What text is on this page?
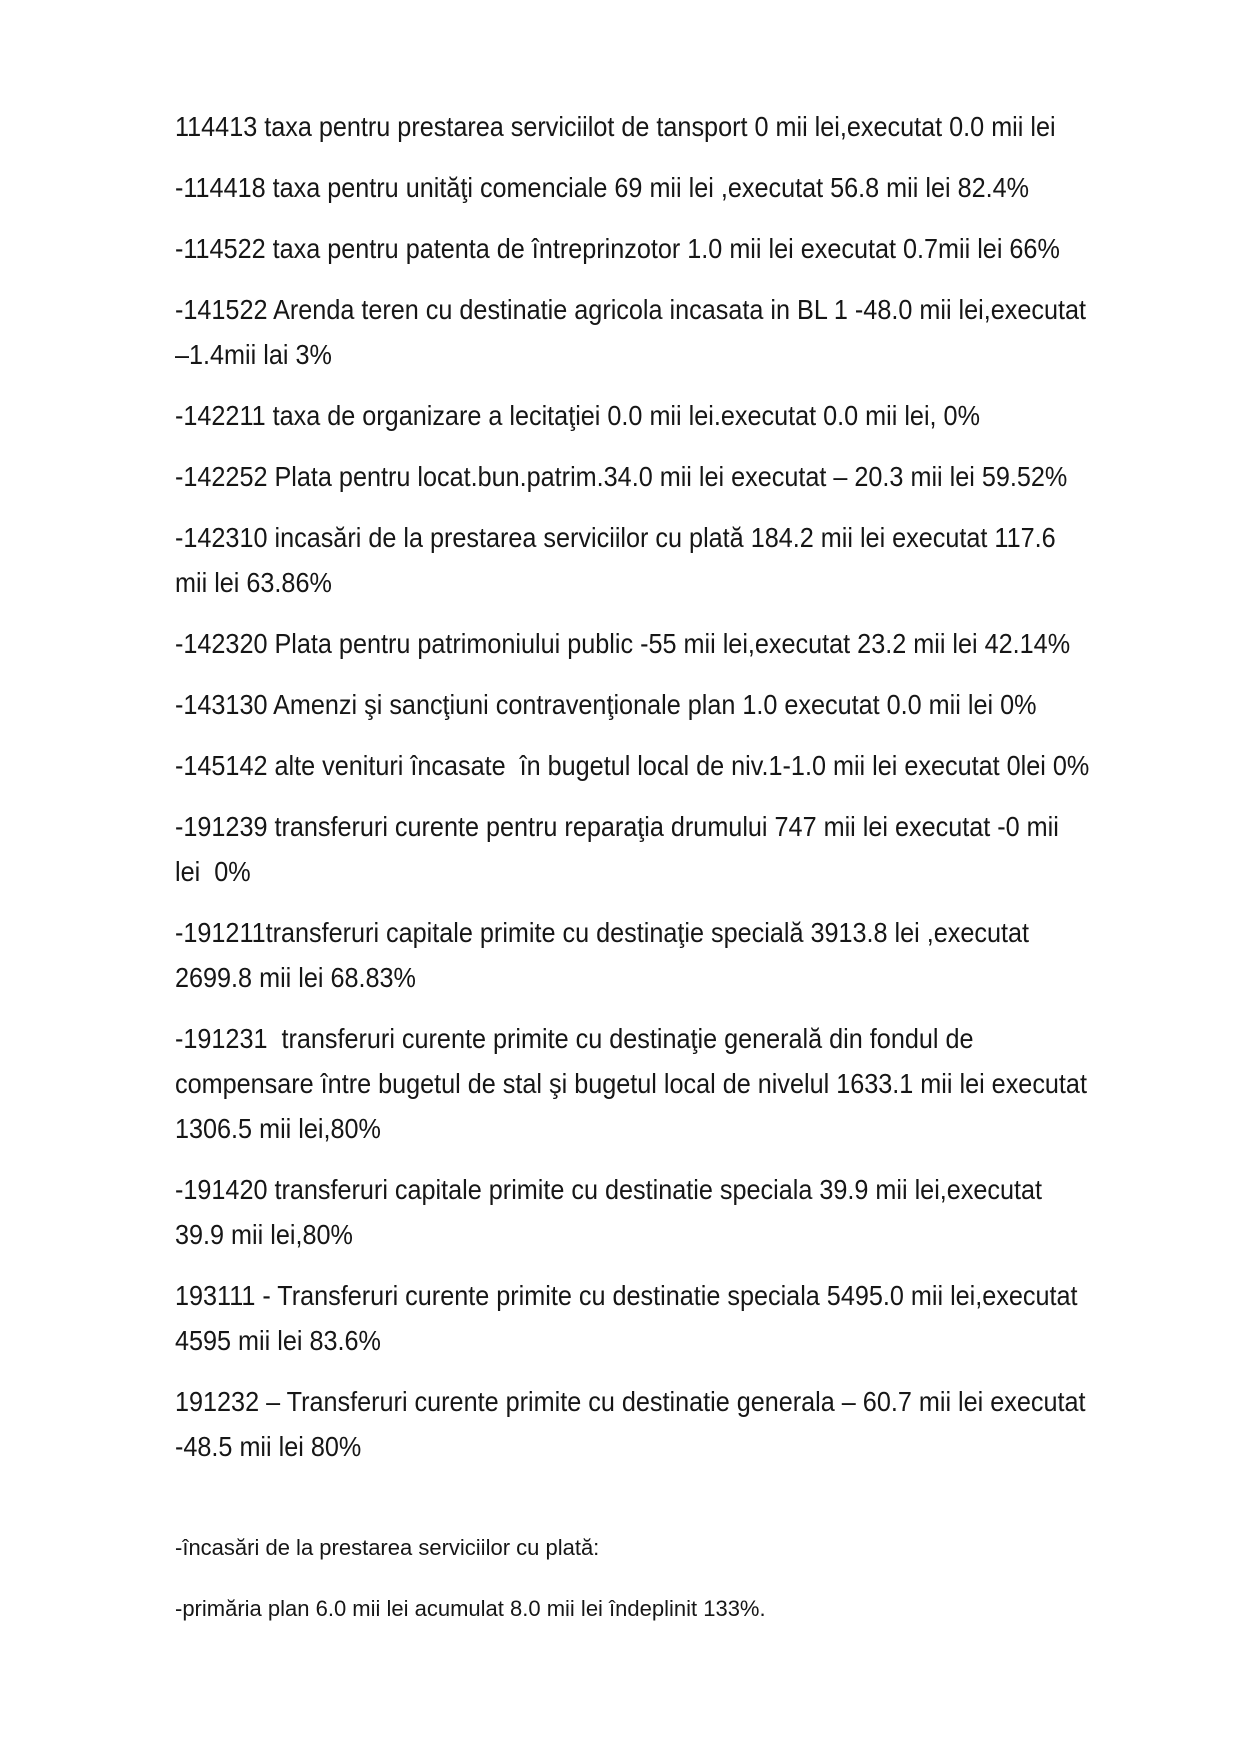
114413 taxa pentru prestarea serviciilot de tansport 0 mii lei,executat 0.0 mii lei

-114418 taxa pentru unităţi comenciale 69 mii lei ,executat 56.8 mii lei 82.4%

-114522 taxa pentru patenta de întreprinzotor 1.0 mii lei executat 0.7mii lei 66%

-141522 Arenda teren cu destinatie agricola incasata in BL 1 -48.0 mii lei,executat
–1.4mii lai 3%

-142211 taxa de organizare a lecitaţiei 0.0 mii lei.executat 0.0 mii lei, 0%

-142252 Plata pentru locat.bun.patrim.34.0 mii lei executat – 20.3 mii lei 59.52%

-142310 incasări de la prestarea serviciilor cu plată 184.2 mii lei executat 117.6
mii lei 63.86%

-142320 Plata pentru patrimoniului public -55 mii lei,executat 23.2 mii lei 42.14%

-143130 Amenzi şi sancţiuni contravenţionale plan 1.0 executat 0.0 mii lei 0%

-145142 alte venituri încasate  în bugetul local de niv.1-1.0 mii lei executat 0lei 0%

-191239 transferuri curente pentru reparaţia drumului 747 mii lei executat -0 mii
lei  0%

-191211transferuri capitale primite cu destinaţie specială 3913.8 lei ,executat
2699.8 mii lei 68.83%

-191231  transferuri curente primite cu destinaţie generală din fondul de
compensare între bugetul de stal şi bugetul local de nivelul 1633.1 mii lei executat
1306.5 mii lei,80%

-191420 transferuri capitale primite cu destinatie speciala 39.9 mii lei,executat
39.9 mii lei,80%

193111 - Transferuri curente primite cu destinatie speciala 5495.0 mii lei,executat
4595 mii lei 83.6%

191232 – Transferuri curente primite cu destinatie generala – 60.7 mii lei executat
-48.5 mii lei 80%

-încasări de la prestarea serviciilor cu plată:

-primăria plan 6.0 mii lei acumulat 8.0 mii lei îndeplinit 133%.
